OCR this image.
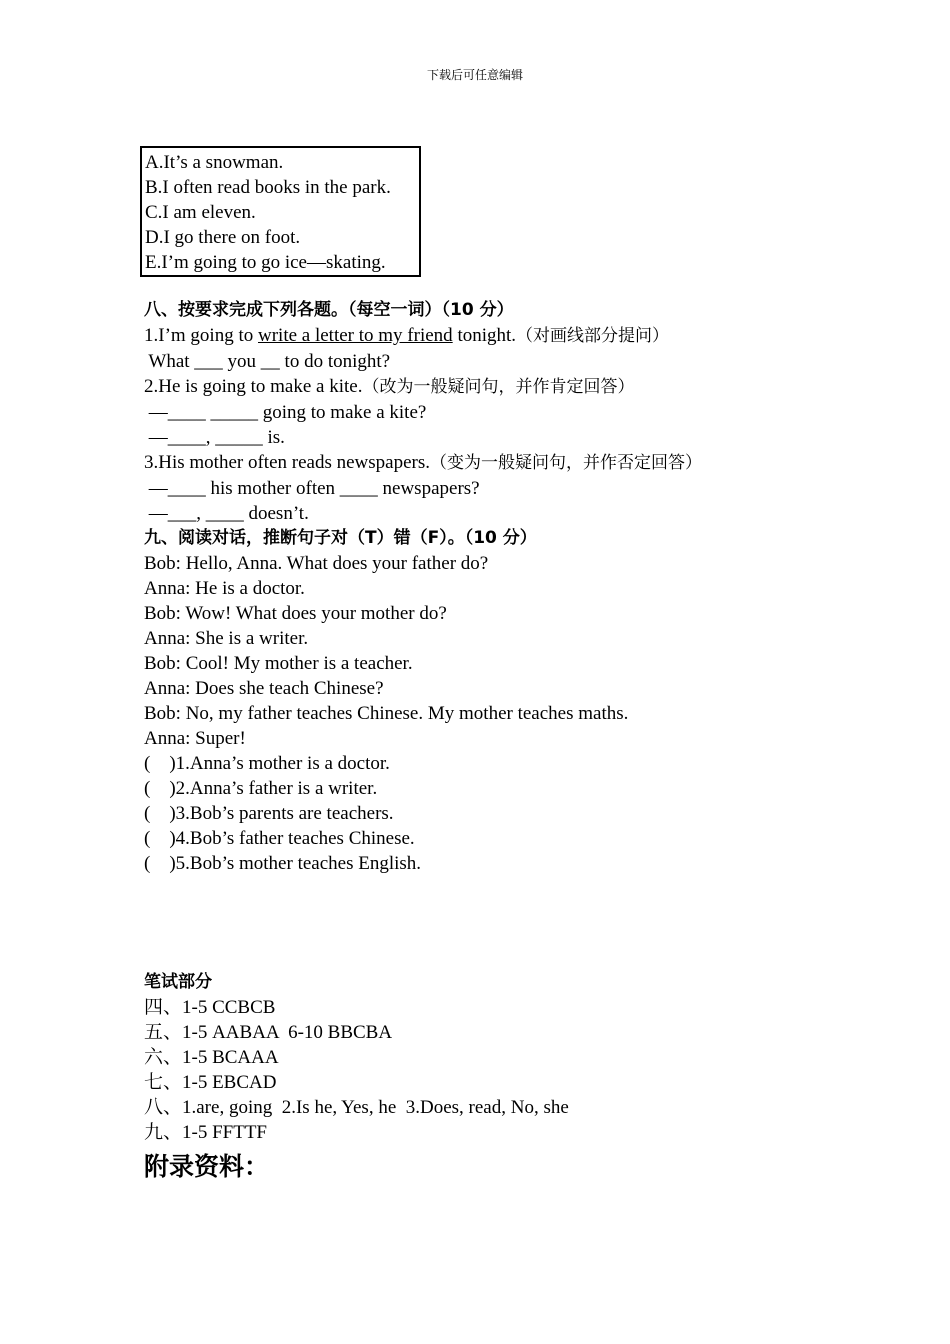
下载后可任意编辑
A.It’s a snowman.
B.I often read books in the park.
C.I am eleven.
D.I go there on foot.
E.I’m going to go ice—skating.
八、按要求完成下列各题。（每空一词）（10 分）
1.I’m going to write a letter to my friend tonight.（对画线部分提问）
What ___ you __ to do tonight?
2.He is going to make a kite.（改为一般疑问句，并作肯定回答）
—____ _____ going to make a kite?
—____, _____ is.
3.His mother often reads newspapers.（变为一般疑问句，并作否定回答）
—____ his mother often ____ newspapers?
—___, ____ doesn’t.
九、阅读对话，推断句子对（T）错（F）。（10 分）
Bob: Hello, Anna. What does your father do?
Anna: He is a doctor.
Bob: Wow! What does your mother do?
Anna: She is a writer.
Bob: Cool! My mother is a teacher.
Anna: Does she teach Chinese?
Bob: No, my father teaches Chinese. My mother teaches maths.
Anna: Super!
(    )1.Anna’s mother is a doctor.
(    )2.Anna’s father is a writer.
(    )3.Bob’s parents are teachers.
(    )4.Bob’s father teaches Chinese.
(    )5.Bob’s mother teaches English.
笔试部分
四、1-5 CCBCB
五、1-5 AABAA  6-10 BBCBA
六、1-5 BCAAA
七、1-5 EBCAD
八、1.are, going  2.Is he, Yes, he  3.Does, read, No, she
九、1-5 FFTTF
附录资料：
